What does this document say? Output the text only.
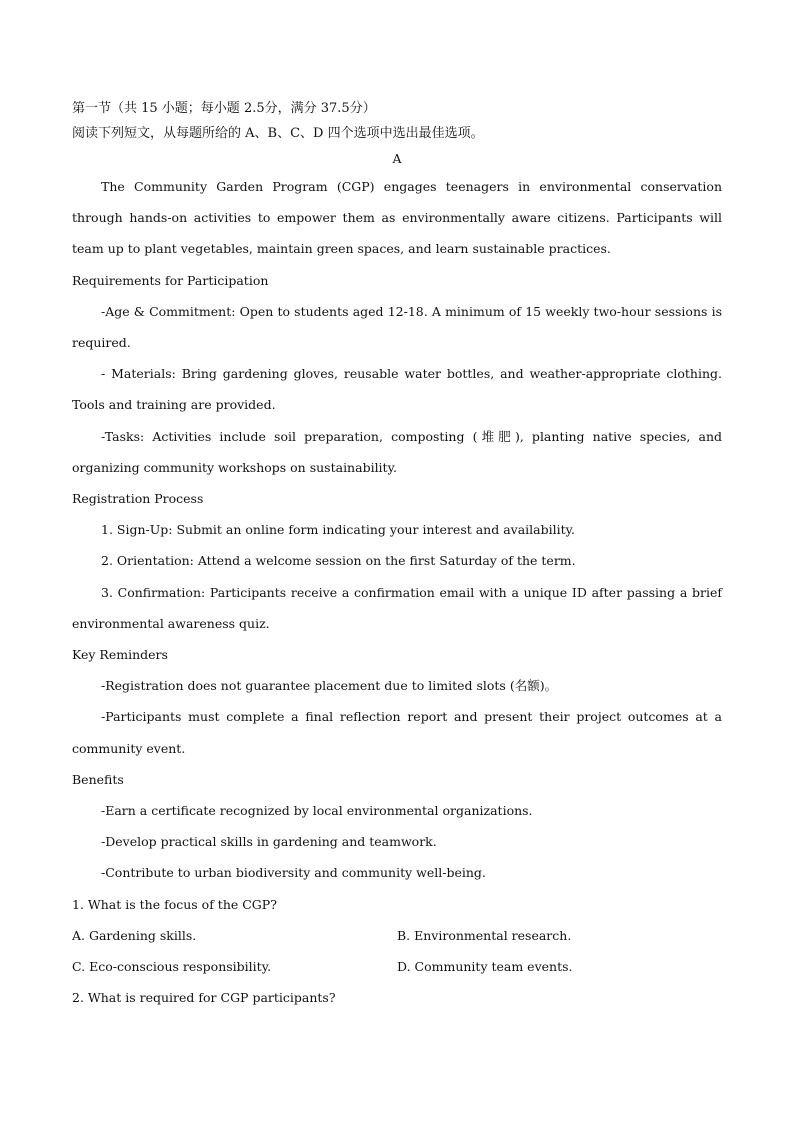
第一节（共 15 小题；每小题 2.5分，满分 37.5分）
阅读下列短文，从每题所给的 A、B、C、D 四个选项中选出最佳选项。
A
The Community Garden Program (CGP) engages teenagers in environmental conservation through hands-on activities to empower them as environmentally aware citizens. Participants will team up to plant vegetables, maintain green spaces, and learn sustainable practices.
Requirements for Participation
-Age & Commitment: Open to students aged 12-18. A minimum of 15 weekly two-hour sessions is required.
- Materials: Bring gardening gloves, reusable water bottles, and weather-appropriate clothing. Tools and training are provided.
-Tasks: Activities include soil preparation, composting (堆肥), planting native species, and organizing community workshops on sustainability.
Registration Process
1. Sign-Up: Submit an online form indicating your interest and availability.
2. Orientation: Attend a welcome session on the first Saturday of the term.
3. Confirmation: Participants receive a confirmation email with a unique ID after passing a brief environmental awareness quiz.
Key Reminders
-Registration does not guarantee placement due to limited slots (名额)。
-Participants must complete a final reflection report and present their project outcomes at a community event.
Benefits
-Earn a certificate recognized by local environmental organizations.
-Develop practical skills in gardening and teamwork.
-Contribute to urban biodiversity and community well-being.
1. What is the focus of the CGP?
A. Gardening skills.	B. Environmental research.
C. Eco-conscious responsibility.	D. Community team events.
2. What is required for CGP participants?
